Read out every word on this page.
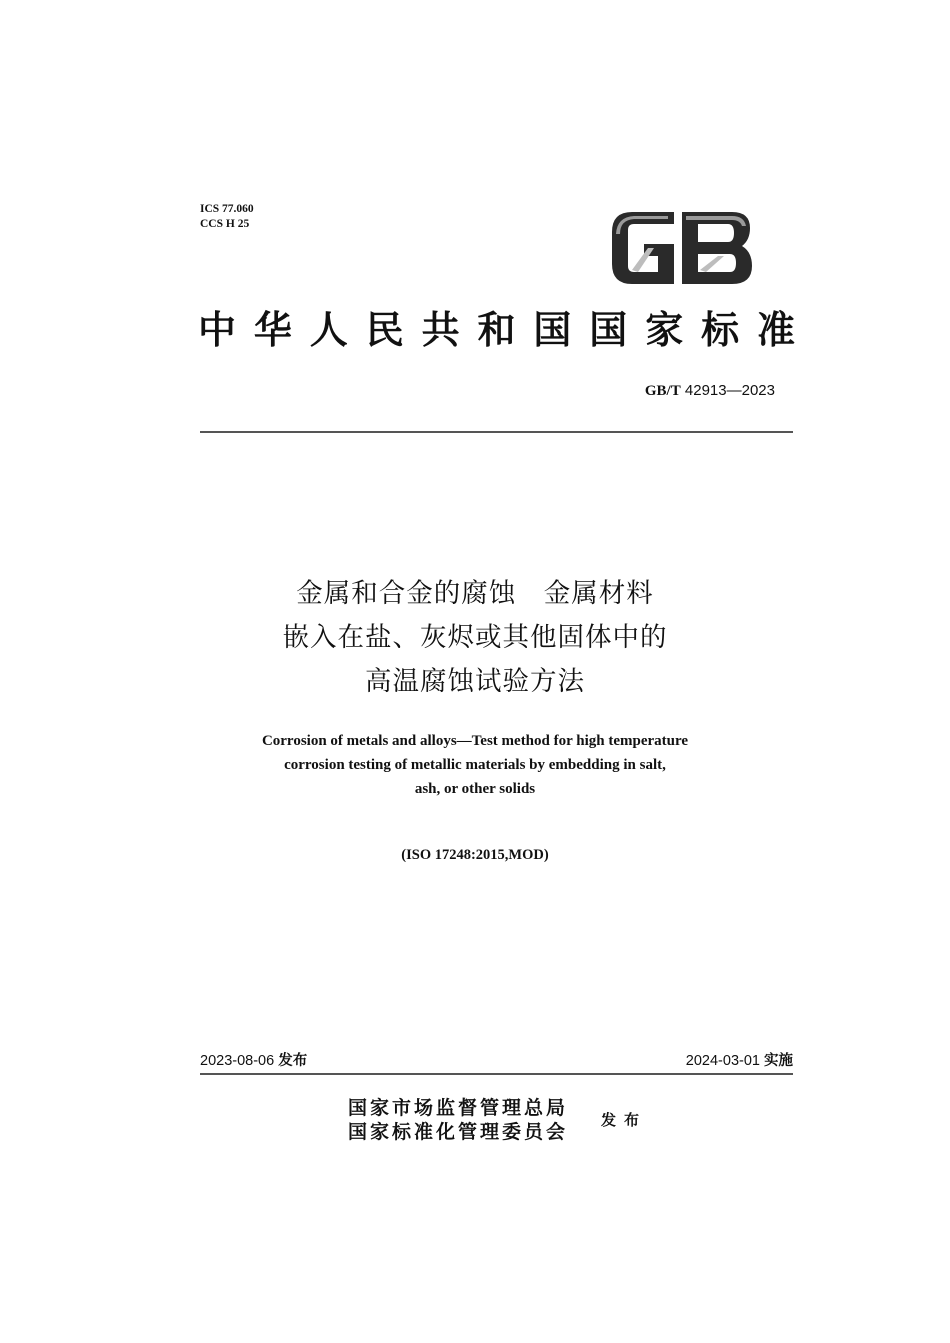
ICS 77.060
CCS H 25
中华人民共和国国家标准
GB/T 42913—2023
金属和合金的腐蚀　金属材料
嵌入在盐、灰烬或其他固体中的
高温腐蚀试验方法
Corrosion of metals and alloys—Test method for high temperature
corrosion testing of metallic materials by embedding in salt,
ash, or other solids
(ISO 17248:2015,MOD)
2023-08-06 发布	2024-03-01 实施
国家市场监督管理总局
国家标准化管理委员会
发布
